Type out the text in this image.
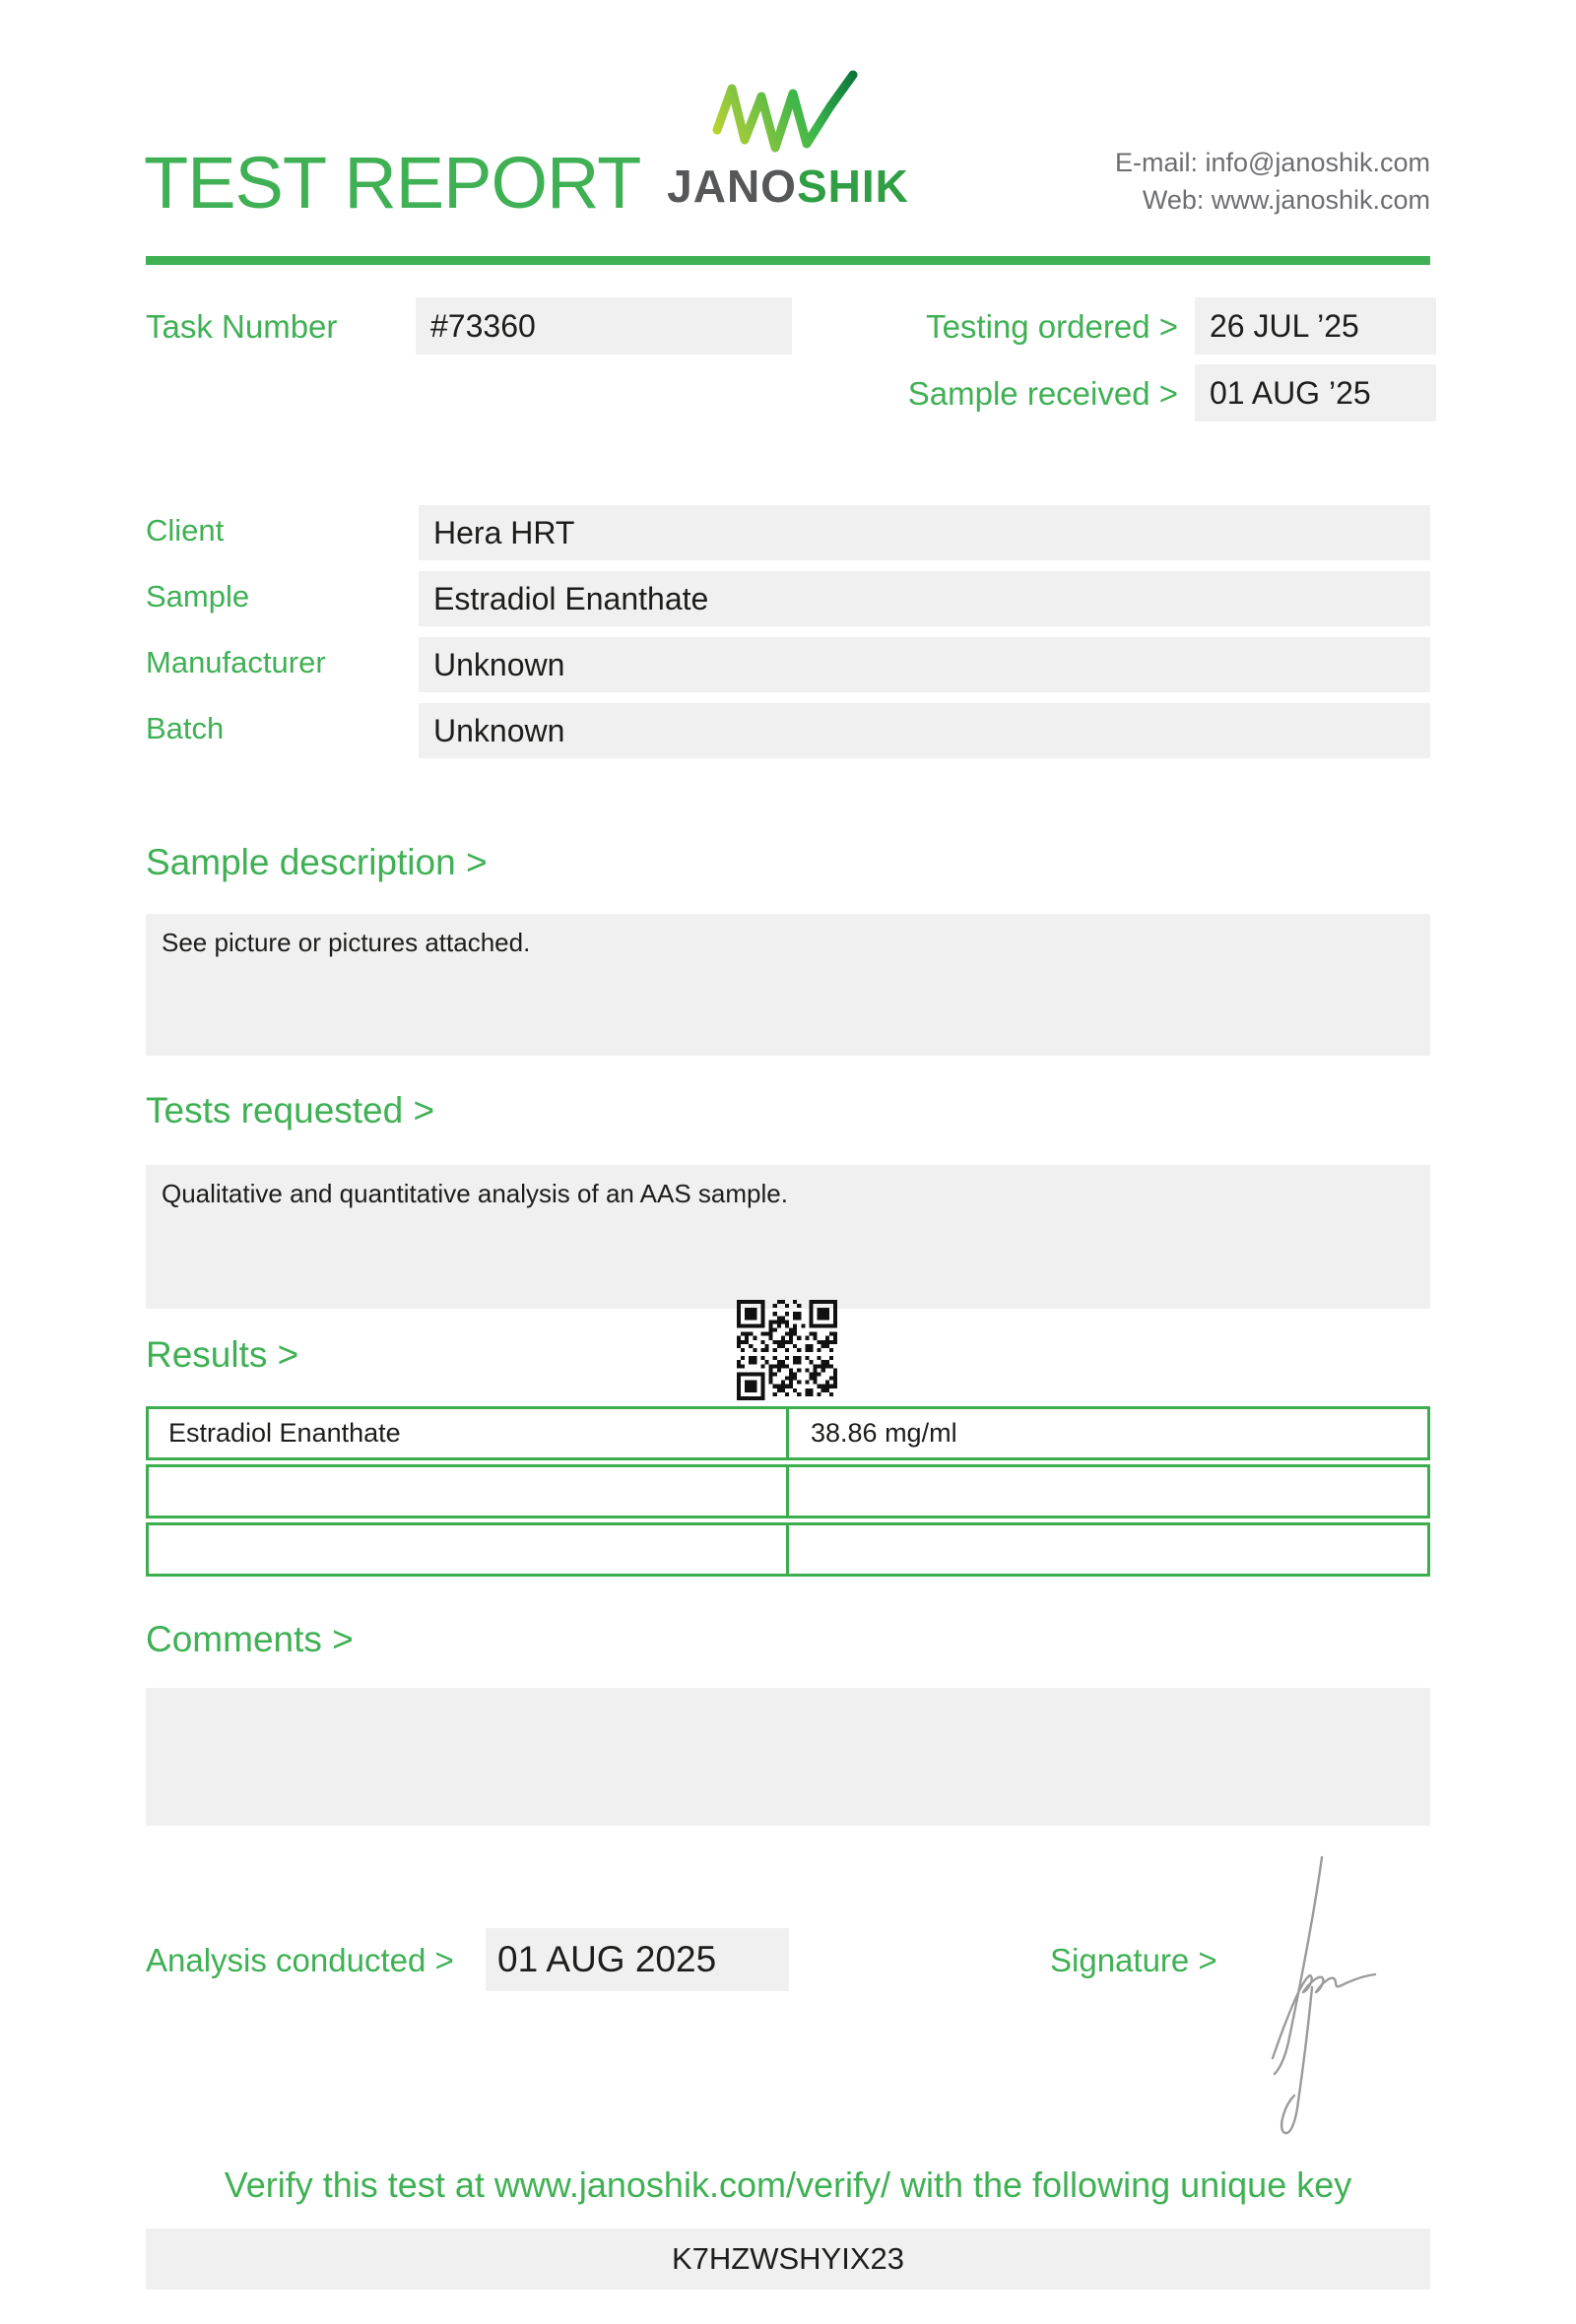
TEST REPORT JANOSHIK	E-mail: info@janoshik.com
Web: www.janoshik.com
Task Number	#73360	Testing ordered >	26 JUL ’25
Sample received >	01 AUG ’25
Client	Hera HRT
Sample	Estradiol Enanthate
Manufacturer	Unknown
Batch	Unknown
Sample description >
See picture or pictures attached.
Tests requested >
Qualitative and quantitative analysis of an AAS sample.
Results >
Estradiol Enanthate	38.86 mg/ml
Comments >
Analysis conducted >	01 AUG 2025	Signature >
Verify this test at www.janoshik.com/verify/ with the following unique key
K7HZWSHYIX23
